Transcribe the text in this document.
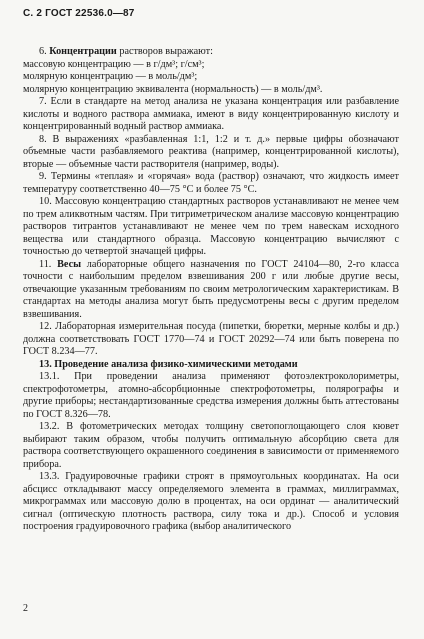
С. 2 ГОСТ 22536.0—87

6. Концентрации растворов выражают:

массовую концентрацию — в г/дм³; г/см³;

молярную концентрацию — в моль/дм³;

молярную концентрацию эквивалента (нормальность) — в моль/дм³.

7. Если в стандарте на метод анализа не указана концентрация или разбавление кислоты и водного раствора аммиака, имеют в виду концентрированную кислоту и концентрированный водный раствор аммиака.

8. В выражениях «разбавленная 1:1, 1:2 и т. д.» первые цифры обозначают объемные части разбавляемого реактива (например, концентрированной кислоты), вторые — объемные части растворителя (например, воды).

9. Термины «теплая» и «горячая» вода (раствор) означают, что жидкость имеет температуру соответственно 40—75 °С и более 75 °С.

10. Массовую концентрацию стандартных растворов устанавливают не менее чем по трем аликвотным частям. При титриметрическом анализе массовую концентрацию растворов титрантов устанавливают не менее чем по трем навескам исходного вещества или стандартного образца. Массовую концентрацию вычисляют с точностью до четвертой значащей цифры.

11. Весы лабораторные общего назначения по ГОСТ 24104—80, 2-го класса точности с наибольшим пределом взвешивания 200 г или любые другие весы, отвечающие указанным требованиям по своим метрологическим характеристикам. В стандартах на методы анализа могут быть предусмотрены весы с другим пределом взвешивания.

12. Лабораторная измерительная посуда (пипетки, бюретки, мерные колбы и др.) должна соответствовать ГОСТ 1770—74 и ГОСТ 20292—74 или быть поверена по ГОСТ 8.234—77.

13. Проведение анализа физико-химическими методами

13.1. При проведении анализа применяют фотоэлектроколориметры, спектрофотометры, атомно-абсорбционные спектрофотометры, полярографы и другие приборы; нестандартизованные средства измерения должны быть аттестованы по ГОСТ 8.326—78.

13.2. В фотометрических методах толщину светопоглощающего слоя кювет выбирают таким образом, чтобы получить оптимальную абсорбцию света для раствора соответствующего окрашенного соединения в зависимости от применяемого прибора.

13.3. Градуировочные графики строят в прямоугольных координатах. На оси абсцисс откладывают массу определяемого элемента в граммах, миллиграммах, микрограммах или массовую долю в процентах, на оси ординат — аналитический сигнал (оптическую плотность раствора, силу тока и др.). Способ и условия построения градуировочного графика (выбор аналитического

2
